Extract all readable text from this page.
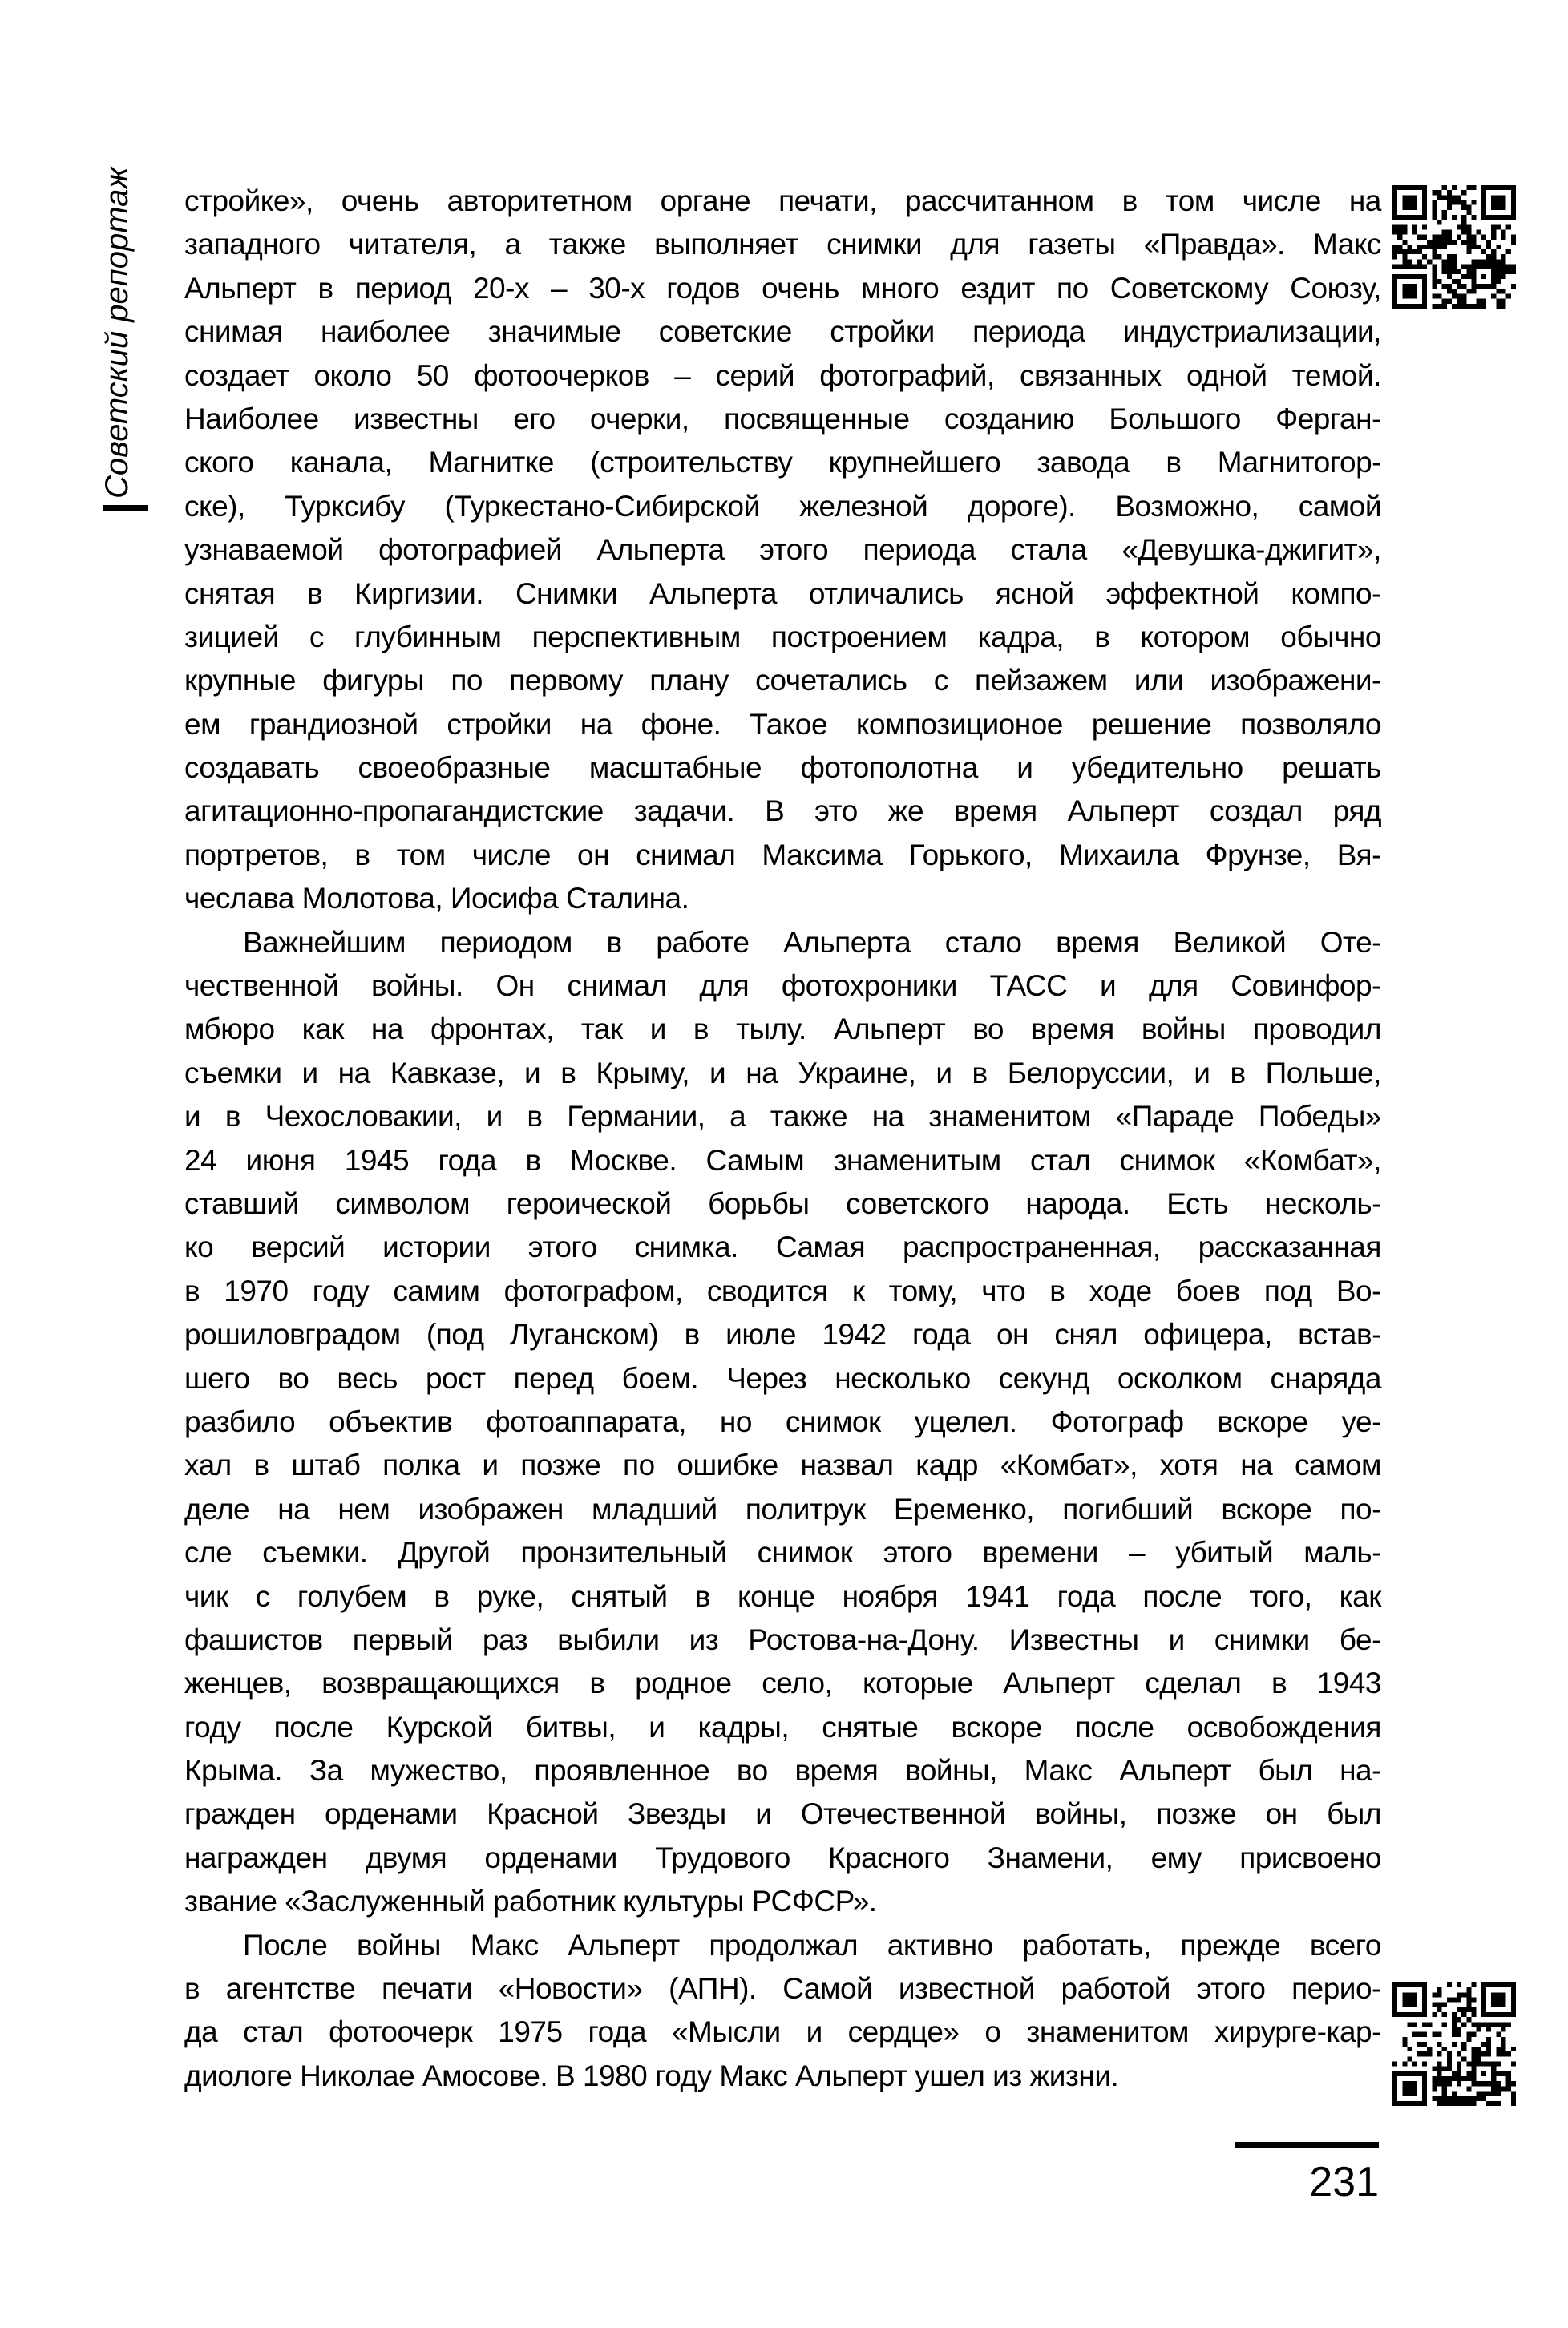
Советский репортаж стройке», очень авторитетном органе печати, рассчитанном в том числе на
западного читателя, а также выполняет снимки для газеты «Правда». Макс
Альперт в период 20-х – 30-х годов очень много ездит по Советскому Союзу,
снимая наиболее значимые советские стройки периода индустриализации,
создает около 50 фотоочерков – серий фотографий, связанных одной темой.
Наиболее известны его очерки, посвященные созданию Большого Ферган-
ского канала, Магнитке (строительству крупнейшего завода в Магнитогор-
ске), Турксибу (Туркестано-Сибирской железной дороге). Возможно, самой
узнаваемой фотографией Альперта этого периода стала «Девушка-джигит»,
снятая в Киргизии. Снимки Альперта отличались ясной эффектной компо-
зицией с глубинным перспективным построением кадра, в котором обычно
крупные фигуры по первому плану сочетались с пейзажем или изображени-
ем грандиозной стройки на фоне. Такое композиционое решение позволяло
создавать своеобразные масштабные фотополотна и убедительно решать
агитационно-пропагандистские задачи. В это же время Альперт создал ряд
портретов, в том числе он снимал Максима Горького, Михаила Фрунзе, Вя-
чеслава Молотова, Иосифа Сталина.
Важнейшим периодом в работе Альперта стало время Великой Оте-
чественной войны. Он снимал для фотохроники ТАСС и для Совинфор-
мбюро как на фронтах, так и в тылу. Альперт во время войны проводил
съемки и на Кавказе, и в Крыму, и на Украине, и в Белоруссии, и в Польше,
и в Чехословакии, и в Германии, а также на знаменитом «Параде Победы»
24 июня 1945 года в Москве. Самым знаменитым стал снимок «Комбат»,
ставший символом героической борьбы советского народа. Есть несколь-
ко версий истории этого снимка. Самая распространенная, рассказанная
в 1970 году самим фотографом, сводится к тому, что в ходе боев под Во-
рошиловградом (под Луганском) в июле 1942 года он снял офицера, встав-
шего во весь рост перед боем. Через несколько секунд осколком снаряда
разбило объектив фотоаппарата, но снимок уцелел. Фотограф вскоре уе-
хал в штаб полка и позже по ошибке назвал кадр «Комбат», хотя на самом
деле на нем изображен младший политрук Еременко, погибший вскоре по-
сле съемки. Другой пронзительный снимок этого времени – убитый маль-
чик с голубем в руке, снятый в конце ноября 1941 года после того, как
фашистов первый раз выбили из Ростова-на-Дону. Известны и снимки бе-
женцев, возвращающихся в родное село, которые Альперт сделал в 1943
году после Курской битвы, и кадры, снятые вскоре после освобождения
Крыма. За мужество, проявленное во время войны, Макс Альперт был на-
гражден орденами Красной Звезды и Отечественной войны, позже он был
награжден двумя орденами Трудового Красного Знамени, ему присвоено
звание «Заслуженный работник культуры РСФСР».
После войны Макс Альперт продолжал активно работать, прежде всего
в агентстве печати «Новости» (АПН). Самой известной работой этого перио-
да стал фотоочерк 1975 года «Мысли и сердце» о знаменитом хирурге-кар-
диологе Николае Амосове. В 1980 году Макс Альперт ушел из жизни.
231
